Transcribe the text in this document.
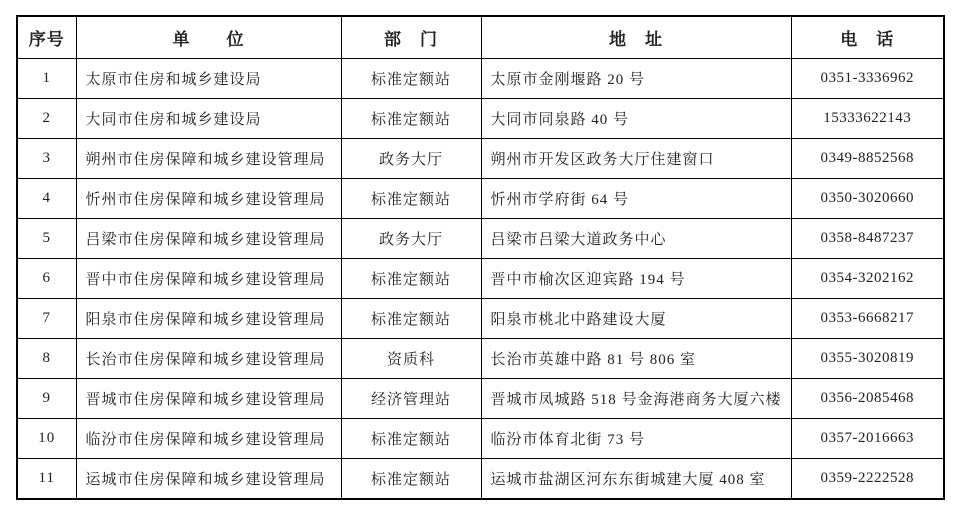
序号	单　　位	部　门	地　址	电　话
1	太原市住房和城乡建设局	标准定额站	太原市金刚堰路 20 号	0351-3336962
2	大同市住房和城乡建设局	标准定额站	大同市同泉路 40 号	15333622143
3	朔州市住房保障和城乡建设管理局	政务大厅	朔州市开发区政务大厅住建窗口	0349-8852568
4	忻州市住房保障和城乡建设管理局	标准定额站	忻州市学府街 64 号	0350-3020660
5	吕梁市住房保障和城乡建设管理局	政务大厅	吕梁市吕梁大道政务中心	0358-8487237
6	晋中市住房保障和城乡建设管理局	标准定额站	晋中市榆次区迎宾路 194 号	0354-3202162
7	阳泉市住房保障和城乡建设管理局	标准定额站	阳泉市桃北中路建设大厦	0353-6668217
8	长治市住房保障和城乡建设管理局	资质科	长治市英雄中路 81 号 806 室	0355-3020819
9	晋城市住房保障和城乡建设管理局	经济管理站	晋城市凤城路 518 号金海港商务大厦六楼	0356-2085468
10	临汾市住房保障和城乡建设管理局	标准定额站	临汾市体育北街 73 号	0357-2016663
11	运城市住房保障和城乡建设管理局	标准定额站	运城市盐湖区河东东街城建大厦 408 室	0359-2222528
